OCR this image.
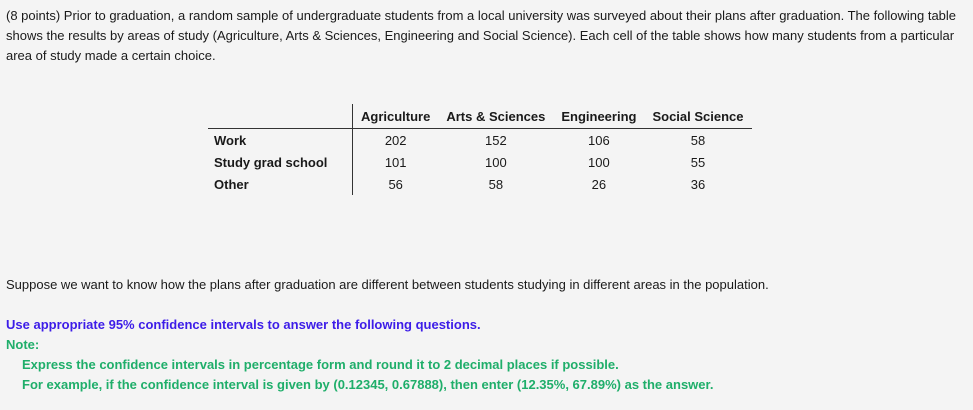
(8 points) Prior to graduation, a random sample of undergraduate students from a local university was surveyed about their plans after graduation. The following table shows the results by areas of study (Agriculture, Arts & Sciences, Engineering and Social Science). Each cell of the table shows how many students from a particular area of study made a certain choice.

	Agriculture	Arts & Sciences	Engineering	Social Science
Work	202	152	106	58
Study grad school	101	100	100	55
Other	56	58	26	36

Suppose we want to know how the plans after graduation are different between students studying in different areas in the population.

Use appropriate 95% confidence intervals to answer the following questions.

Note:

Express the confidence intervals in percentage form and round it to 2 decimal places if possible.

For example, if the confidence interval is given by (0.12345, 0.67888), then enter (12.35%, 67.89%) as the answer.
